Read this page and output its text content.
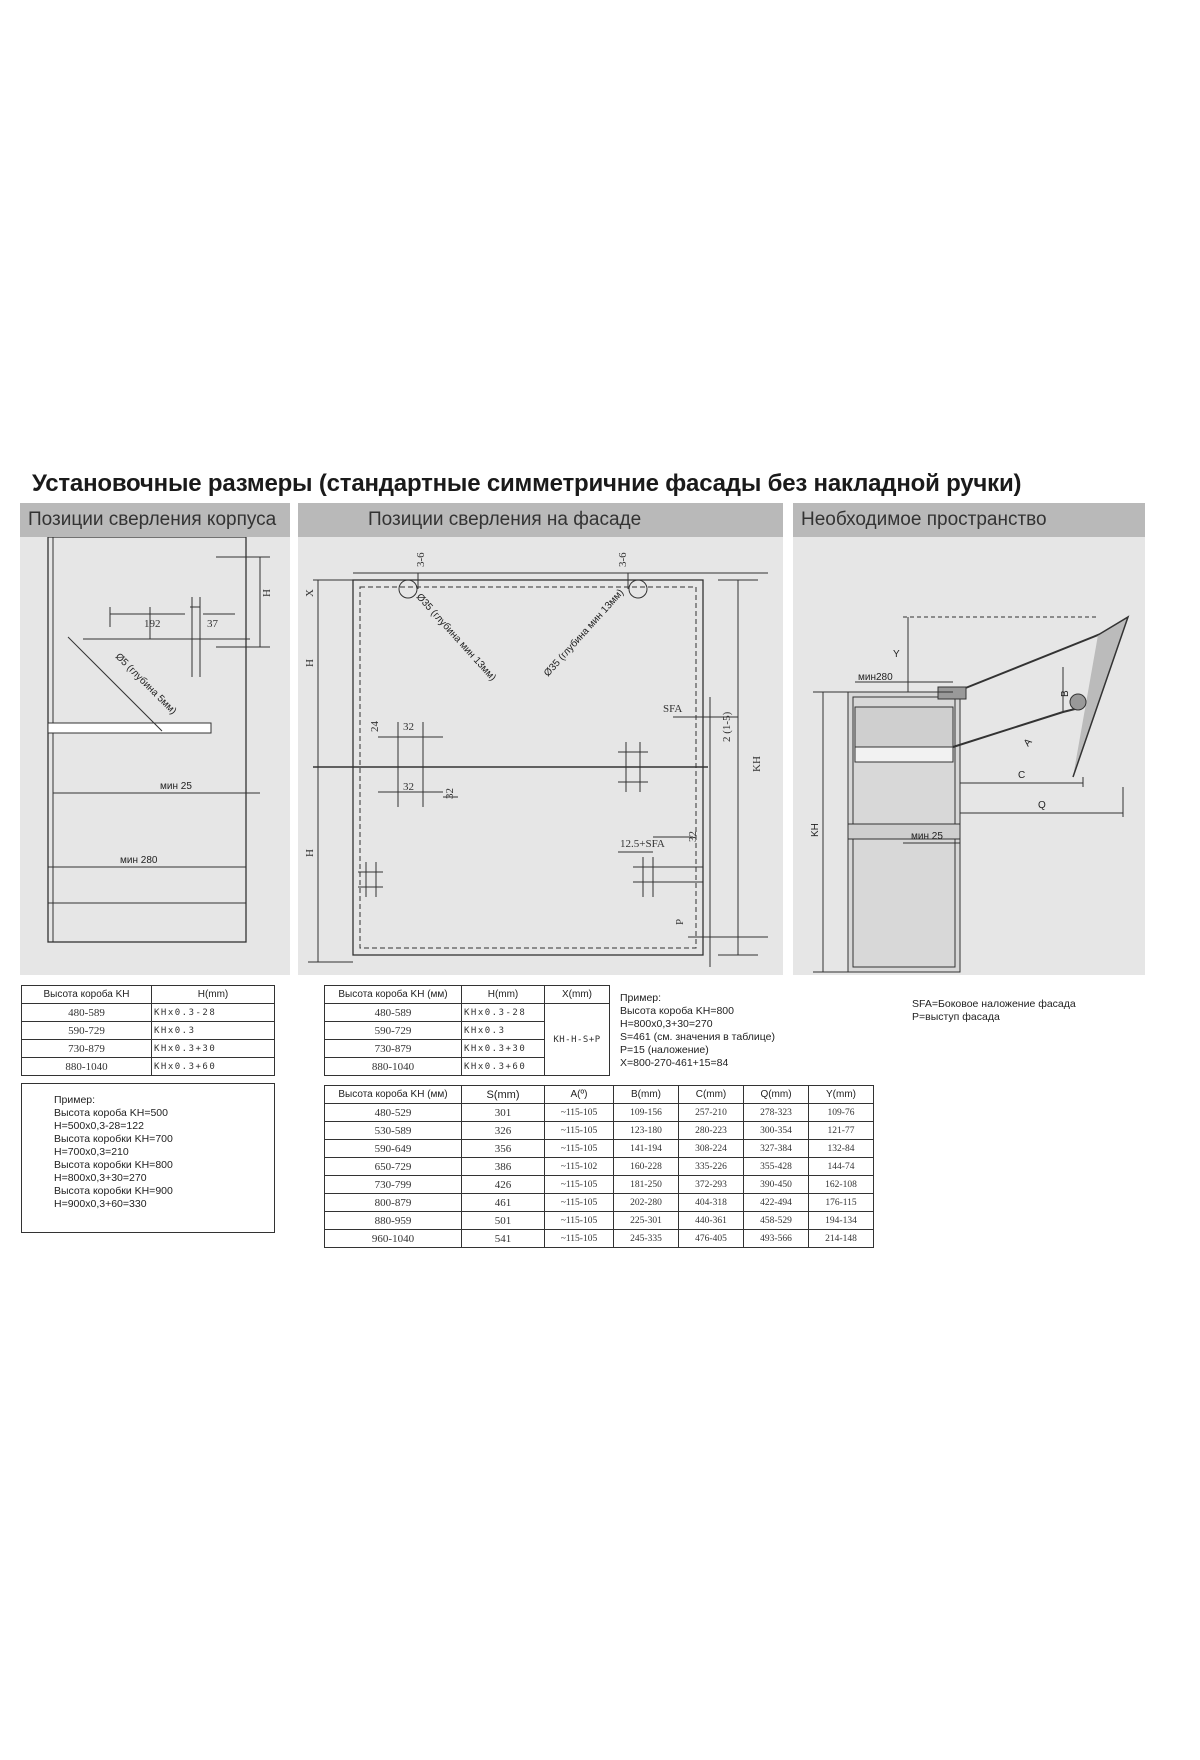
Установочные размеры (стандартные симметричние фасады без накладной ручки)
Позиции сверления корпуса
192	37
H
Ø5 (глубина 5мм)
мин 25
мин 280
Позиции сверления на фасаде
3-6	3-6
Ø35 (глубина мин 13мм)	Ø35 (глубина мин 13мм)
SFA
2 (1-5)
KH
24 32
32
32
12.5+SFA
32
P
X
H
H
Необходимое пространство
Y
мин280
B
A
C
Q
KH	мин 25
Высота короба KH	H(mm)
480-589	KHx0.3-28
590-729	KHx0.3
730-879	KHx0.3+30
880-1040	KHx0.3+60
Пример:
Высота короба KH=500
H=500x0,3-28=122
Высота коробки KH=700
H=700x0,3=210
Высота коробки KH=800
H=800x0,3+30=270
Высота коробки KH=900
H=900x0,3+60=330
Высота короба KH (мм)	H(mm)	X(mm)
480-589	KHx0.3-28	KH-H-S+P
590-729	KHx0.3	
730-879	KHx0.3+30	
880-1040	KHx0.3+60	
Пример:
Высота короба KH=800
H=800x0,3+30=270
S=461 (см. значения в таблице)
P=15 (наложение)
X=800-270-461+15=84
Высота короба KH (мм)	S(mm)	A(º)	B(mm)	C(mm)	Q(mm)	Y(mm)
480-529	301	~115-105	109-156	257-210	278-323	109-76
530-589	326	~115-105	123-180	280-223	300-354	121-77
590-649	356	~115-105	141-194	308-224	327-384	132-84
650-729	386	~115-102	160-228	335-226	355-428	144-74
730-799	426	~115-105	181-250	372-293	390-450	162-108
800-879	461	~115-105	202-280	404-318	422-494	176-115
880-959	501	~115-105	225-301	440-361	458-529	194-134
960-1040	541	~115-105	245-335	476-405	493-566	214-148
SFA=Боковое наложение фасада
P=выступ фасада
